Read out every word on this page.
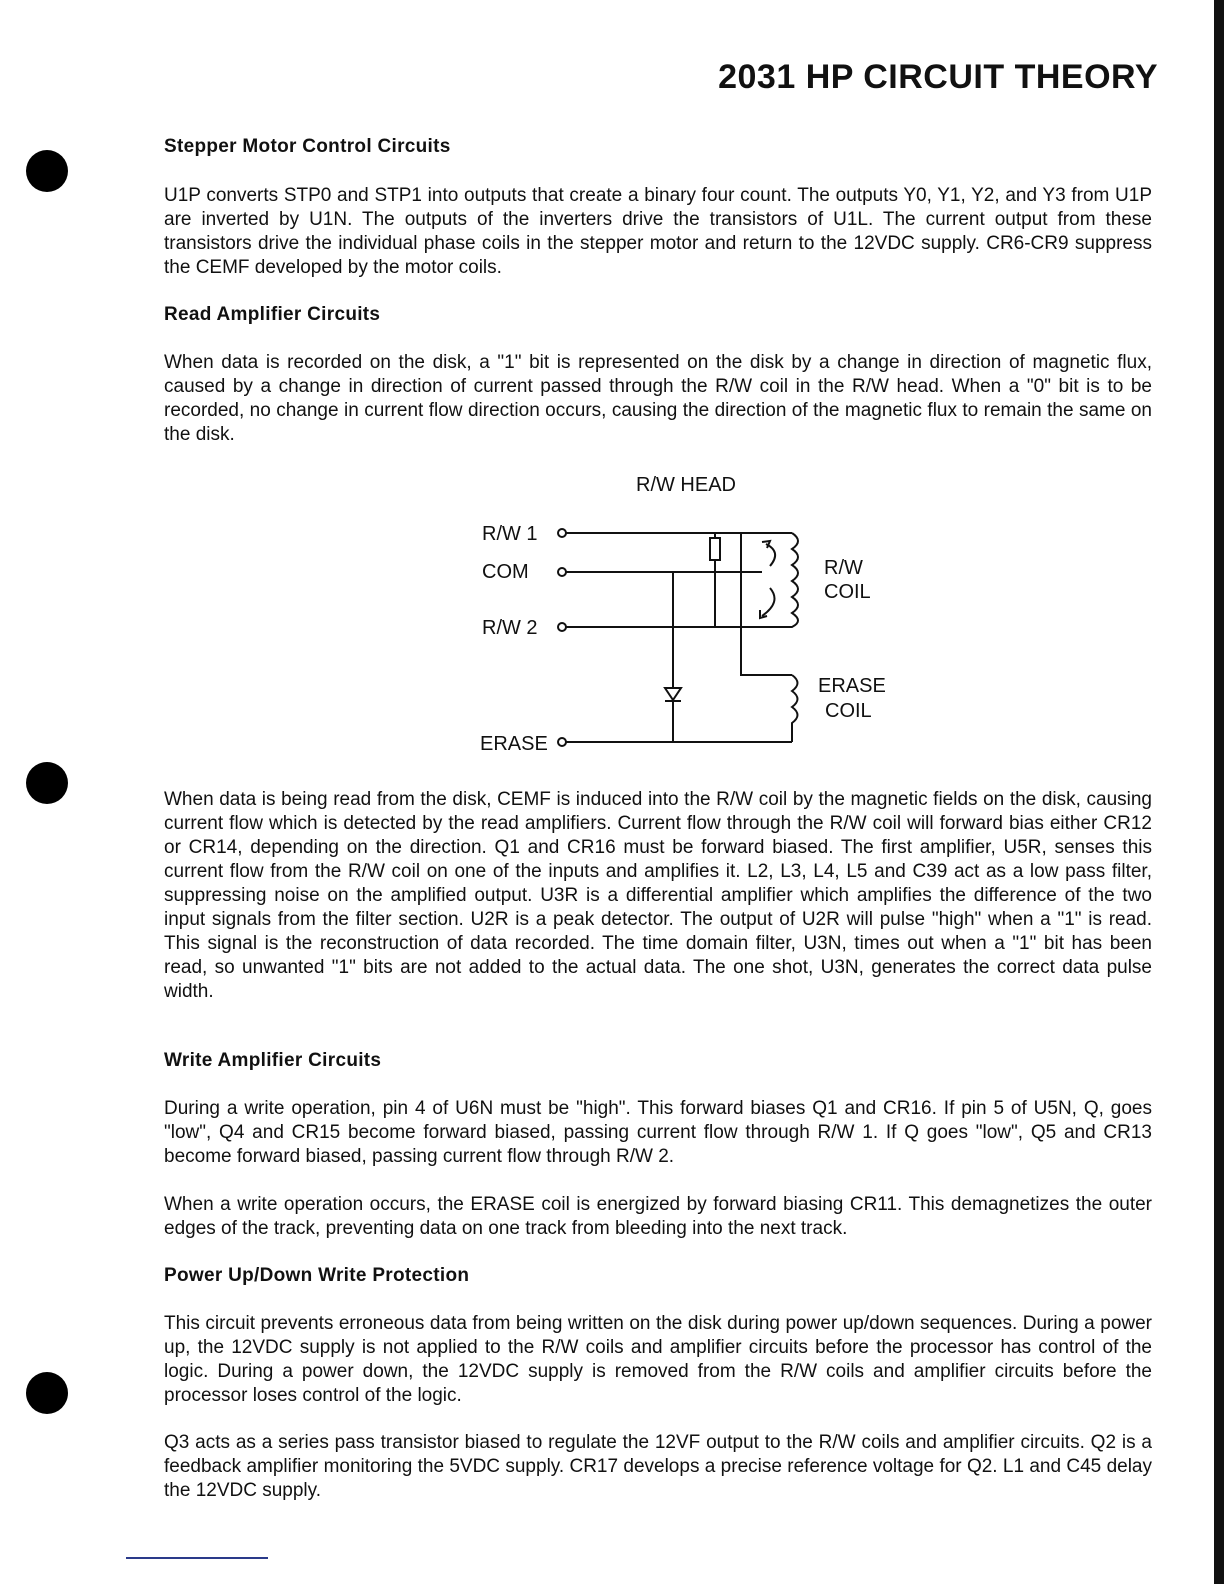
2031 HP CIRCUIT THEORY
Stepper Motor Control Circuits

U1P converts STP0 and STP1 into outputs that create a binary four count. The outputs Y0, Y1, Y2, and Y3 from U1P are inverted by U1N. The outputs of the inverters drive the transistors of U1L. The current output from these transistors drive the individual phase coils in the stepper motor and return to the 12VDC supply. CR6-CR9 suppress the CEMF developed by the motor coils.

Read Amplifier Circuits

When data is recorded on the disk, a "1" bit is represented on the disk by a change in direction of magnetic flux, caused by a change in direction of current passed through the R/W coil in the R/W head. When a "0" bit is to be recorded, no change in current flow direction occurs, causing the direction of the magnetic flux to remain the same on the disk.

R/W HEAD
R/W 1
COM
R/W 2
ERASE
R/W
COIL
ERASE
COIL

When data is being read from the disk, CEMF is induced into the R/W coil by the magnetic fields on the disk, causing current flow which is detected by the read amplifiers. Current flow through the R/W coil will forward bias either CR12 or CR14, depending on the direction. Q1 and CR16 must be forward biased. The first amplifier, U5R, senses this current flow from the R/W coil on one of the inputs and amplifies it. L2, L3, L4, L5 and C39 act as a low pass filter, suppressing noise on the amplified output. U3R is a differential amplifier which amplifies the difference of the two input signals from the filter section. U2R is a peak detector. The output of U2R will pulse "high" when a "1" is read. This signal is the reconstruction of data recorded. The time domain filter, U3N, times out when a "1" bit has been read, so unwanted "1" bits are not added to the actual data. The one shot, U3N, generates the correct data pulse width.

Write Amplifier Circuits

During a write operation, pin 4 of U6N must be "high". This forward biases Q1 and CR16. If pin 5 of U5N, Q, goes "low", Q4 and CR15 become forward biased, passing current flow through R/W 1. If Q goes "low", Q5 and CR13 become forward biased, passing current flow through R/W 2.

When a write operation occurs, the ERASE coil is energized by forward biasing CR11. This demagnetizes the outer edges of the track, preventing data on one track from bleeding into the next track.

Power Up/Down Write Protection

This circuit prevents erroneous data from being written on the disk during power up/down sequences. During a power up, the 12VDC supply is not applied to the R/W coils and amplifier circuits before the processor has control of the logic. During a power down, the 12VDC supply is removed from the R/W coils and amplifier circuits before the processor loses control of the logic.

Q3 acts as a series pass transistor biased to regulate the 12VF output to the R/W coils and amplifier circuits. Q2 is a feedback amplifier monitoring the 5VDC supply. CR17 develops a precise reference voltage for Q2. L1 and C45 delay the 12VDC supply.
